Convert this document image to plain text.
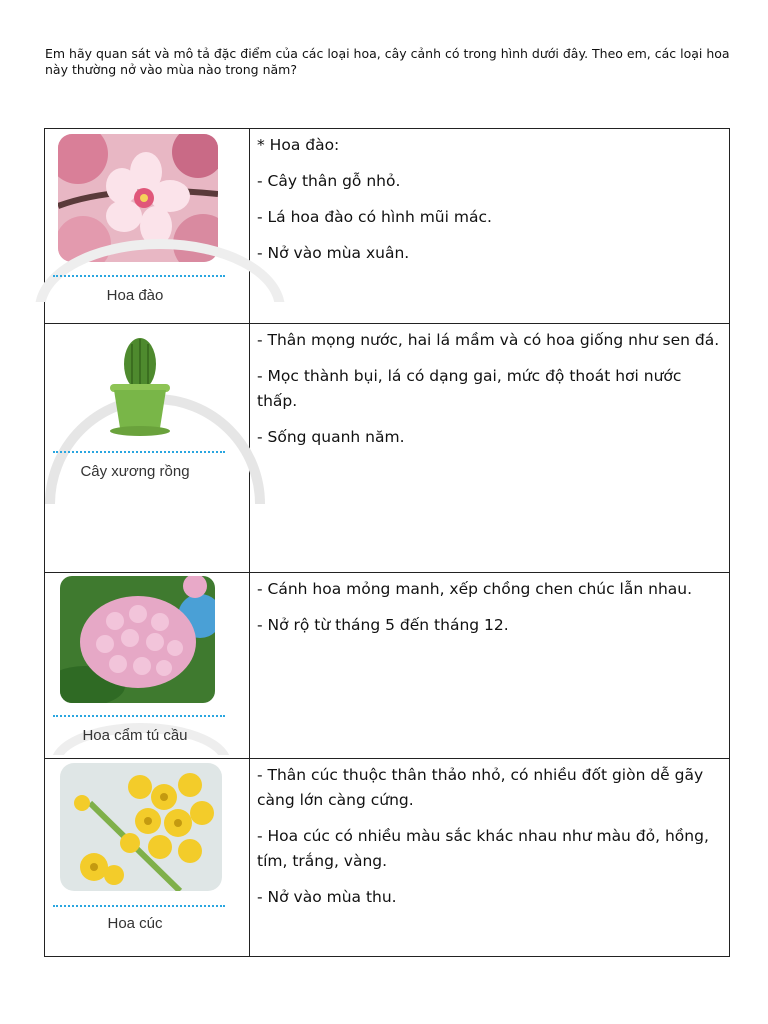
Em hãy quan sát và mô tả đặc điểm của các loại hoa, cây cảnh có trong hình dưới đây. Theo em, các loại hoa này thường nở vào mùa nào trong năm?

Hoa đào	* Hoa đào:

- Cây thân gỗ nhỏ.

- Lá hoa đào có hình mũi mác.

- Nở vào mùa xuân.

Cây xương rồng	- Thân mọng nước, hai lá mầm và có hoa giống như sen đá.

- Mọc thành bụi, lá có dạng gai, mức độ thoát hơi nước thấp.

- Sống quanh năm.

Hoa cẩm tú cầu	- Cánh hoa mỏng manh, xếp chồng chen chúc lẫn nhau.

- Nở rộ từ tháng 5 đến tháng 12.

Hoa cúc	- Thân cúc thuộc thân thảo nhỏ, có nhiều đốt giòn dễ gãy càng lớn càng cứng.

- Hoa cúc có nhiều màu sắc khác nhau như màu đỏ, hồng, tím, trắng, vàng.

- Nở vào mùa thu.
